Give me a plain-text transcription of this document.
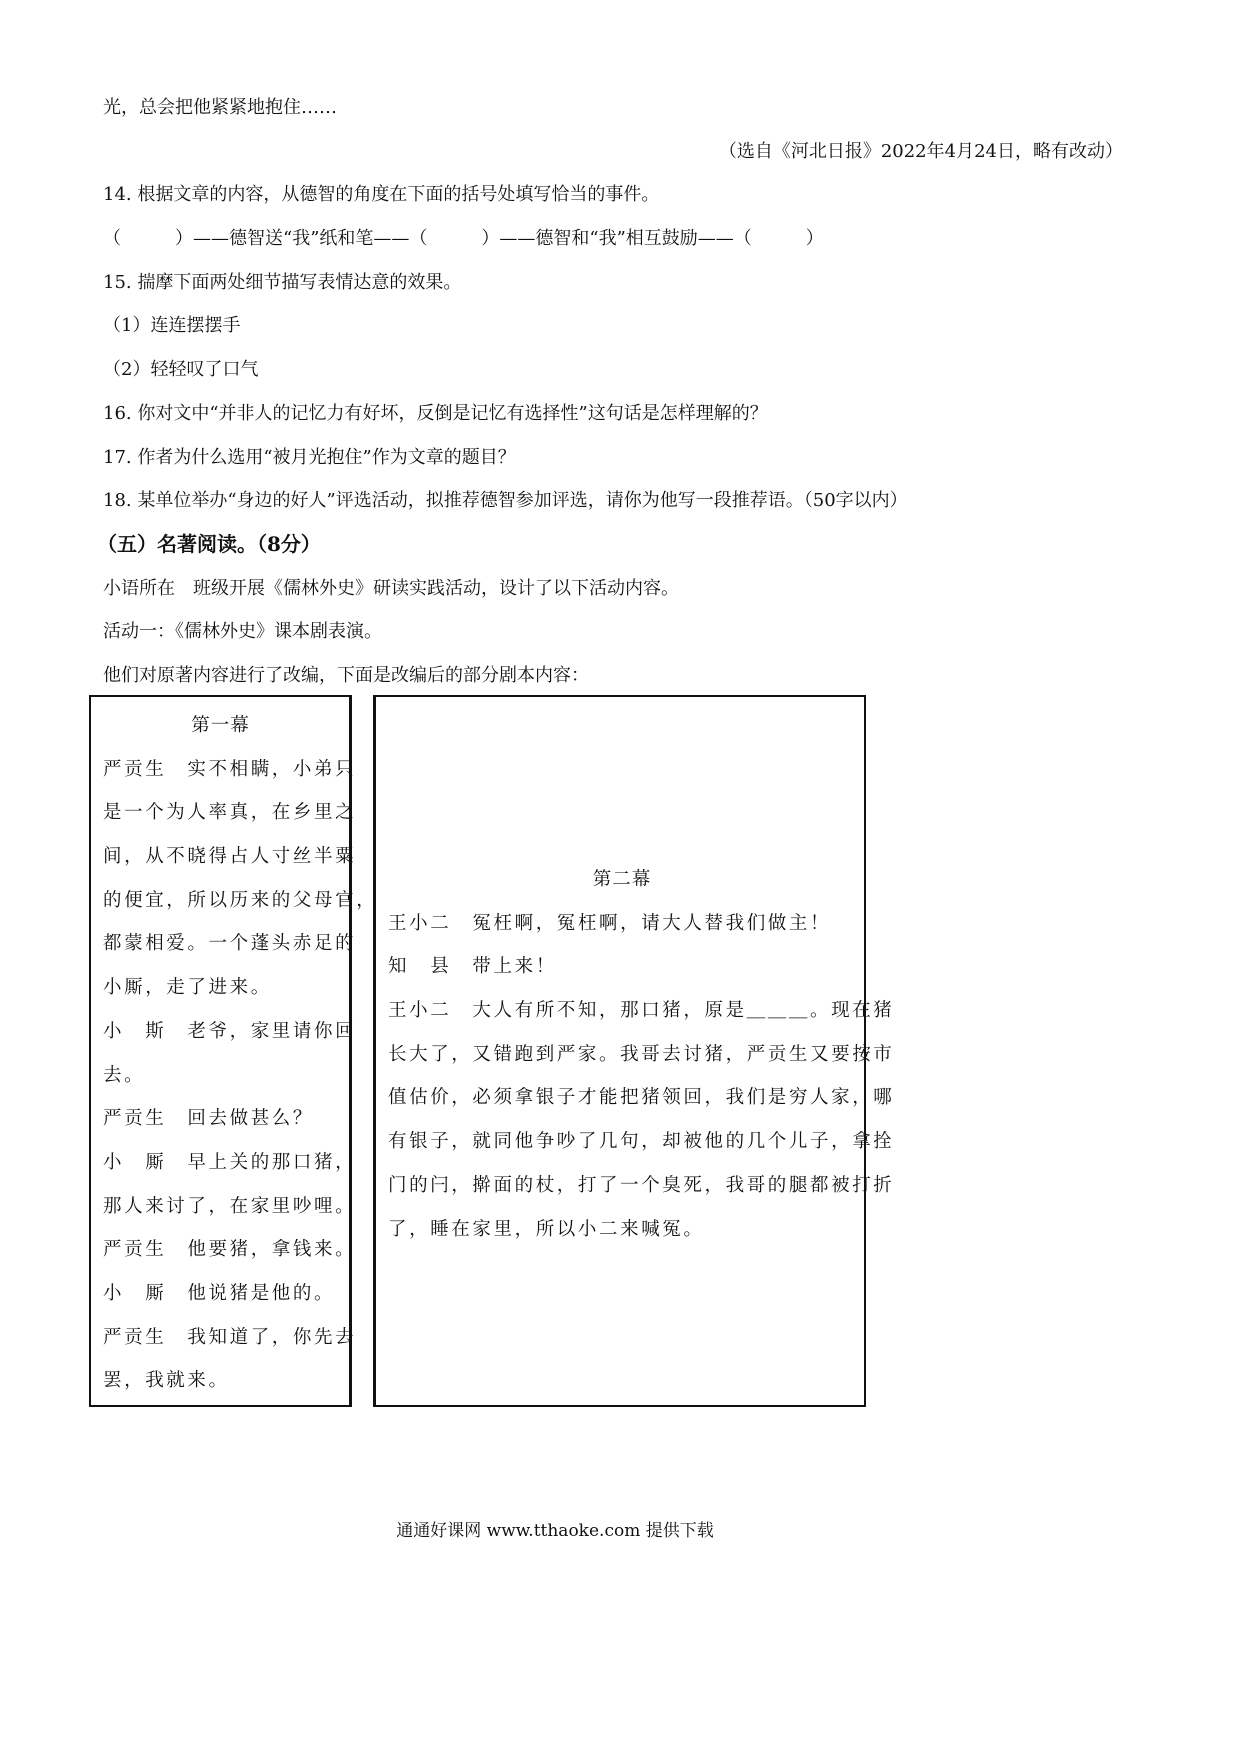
光，总会把他紧紧地抱住……

（选自《河北日报》2022年4月24日，略有改动）

14. 根据文章的内容，从德智的角度在下面的括号处填写恰当的事件。

（　　　）——德智送“我”纸和笔——（　　　）——德智和“我”相互鼓励——（　　　）

15. 揣摩下面两处细节描写表情达意的效果。

（1）连连摆摆手

（2）轻轻叹了口气

16. 你对文中“并非人的记忆力有好坏，反倒是记忆有选择性”这句话是怎样理解的？

17. 作者为什么选用“被月光抱住”作为文章的题目？

18. 某单位举办“身边的好人”评选活动，拟推荐德智参加评选，请你为他写一段推荐语。（50字以内）

（五）名著阅读。（8分）

小语所在　班级开展《儒林外史》研读实践活动，设计了以下活动内容。

活动一：《儒林外史》课本剧表演。

他们对原著内容进行了改编，下面是改编后的部分剧本内容：

第一幕

严贡生　实不相瞒，小弟只

是一个为人率真，在乡里之

间，从不晓得占人寸丝半粟

的便宜，所以历来的父母官，

都蒙相爱。一个蓬头赤足的

小厮，走了进来。

小　斯　老爷，家里请你回

去。

严贡生　回去做甚么？

小　厮　早上关的那口猪，

那人来讨了，在家里吵哩。

严贡生　他要猪，拿钱来。

小　厮　他说猪是他的。

严贡生　我知道了，你先去

罢，我就来。

第二幕

王小二　冤枉啊，冤枉啊，请大人替我们做主！

知　县　带上来！

王小二　大人有所不知，那口猪，原是＿＿＿。现在猪

长大了，又错跑到严家。我哥去讨猪，严贡生又要按市

值估价，必须拿银子才能把猪领回，我们是穷人家，哪

有银子，就同他争吵了几句，却被他的几个儿子，拿拴

门的闩，擀面的杖，打了一个臭死，我哥的腿都被打折

了，睡在家里，所以小二来喊冤。

通通好课网 www.tthaoke.com 提供下载
